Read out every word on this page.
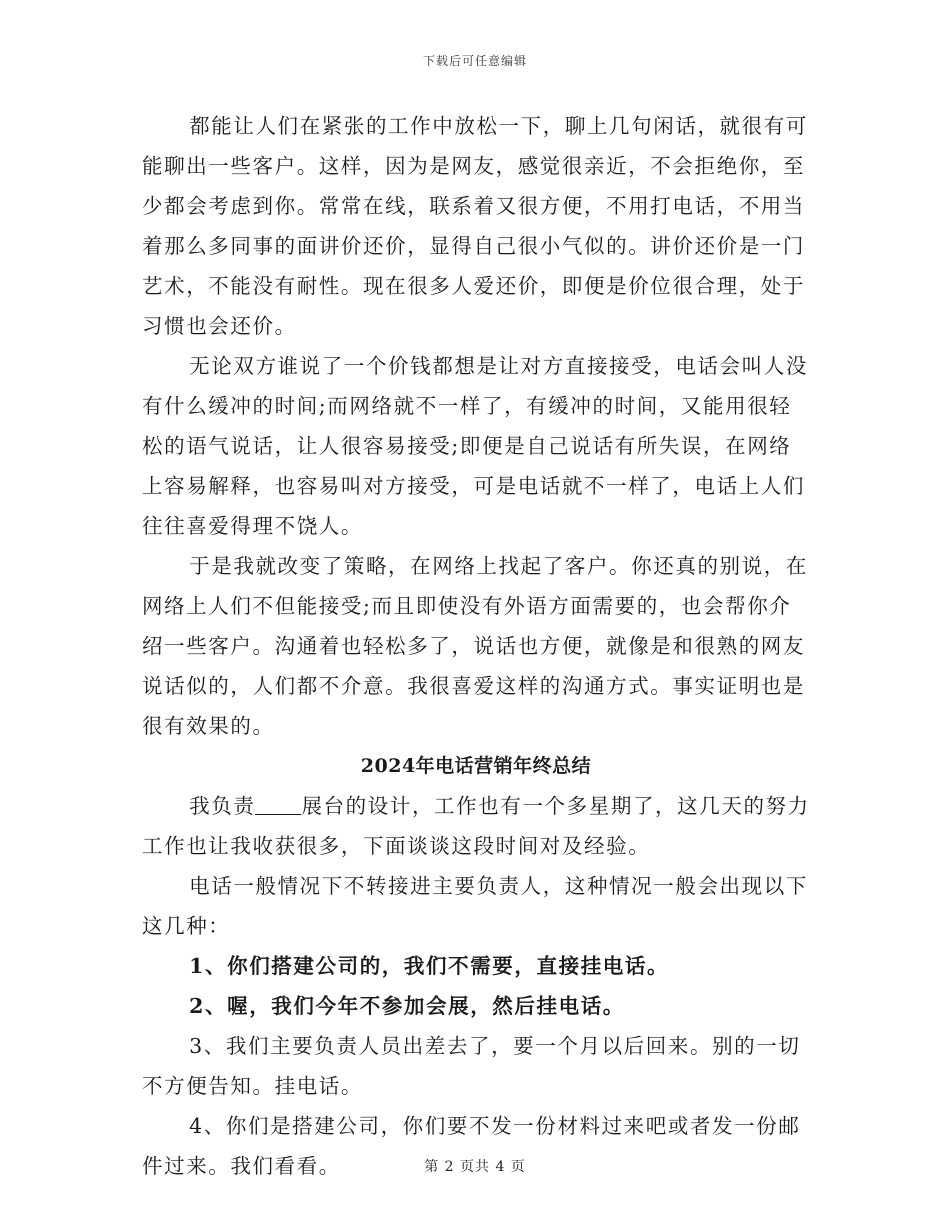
下载后可任意编辑

都能让人们在紧张的工作中放松一下，聊上几句闲话，就很有可能聊出一些客户。这样，因为是网友，感觉很亲近，不会拒绝你，至少都会考虑到你。常常在线，联系着又很方便，不用打电话，不用当着那么多同事的面讲价还价，显得自己很小气似的。讲价还价是一门艺术，不能没有耐性。现在很多人爱还价，即便是价位很合理，处于习惯也会还价。

无论双方谁说了一个价钱都想是让对方直接接受，电话会叫人没有什么缓冲的时间;而网络就不一样了，有缓冲的时间，又能用很轻松的语气说话，让人很容易接受;即便是自己说话有所失误，在网络上容易解释，也容易叫对方接受，可是电话就不一样了，电话上人们往往喜爱得理不饶人。

于是我就改变了策略，在网络上找起了客户。你还真的别说，在网络上人们不但能接受;而且即使没有外语方面需要的，也会帮你介绍一些客户。沟通着也轻松多了，说话也方便，就像是和很熟的网友说话似的，人们都不介意。我很喜爱这样的沟通方式。事实证明也是很有效果的。

2024年电话营销年终总结

我负责 展台的设计，工作也有一个多星期了，这几天的努力工作也让我收获很多，下面谈谈这段时间对及经验。

电话一般情况下不转接进主要负责人，这种情况一般会出现以下这几种：

1、你们搭建公司的，我们不需要，直接挂电话。

2、喔，我们今年不参加会展，然后挂电话。

3、我们主要负责人员出差去了，要一个月以后回来。别的一切不方便告知。挂电话。

4、你们是搭建公司，你们要不发一份材料过来吧或者发一份邮件过来。我们看看。	第 2 页共 4 页
